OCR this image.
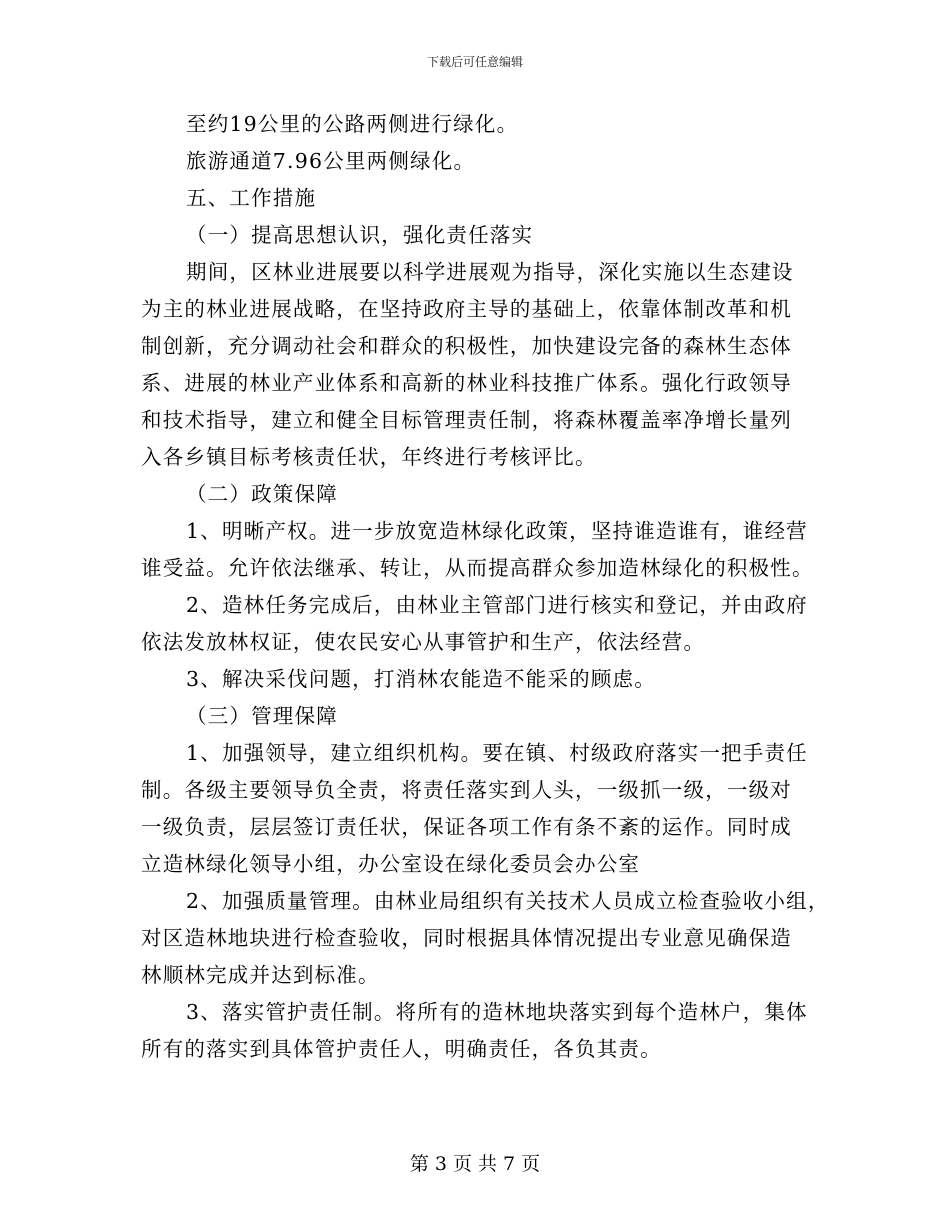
下载后可任意编辑

至约19公里的公路两侧进行绿化。

旅游通道7.96公里两侧绿化。

五、工作措施

（一）提高思想认识，强化责任落实

期间，区林业进展要以科学进展观为指导，深化实施以生态建设
为主的林业进展战略，在坚持政府主导的基础上，依靠体制改革和机
制创新，充分调动社会和群众的积极性，加快建设完备的森林生态体
系、进展的林业产业体系和高新的林业科技推广体系。强化行政领导
和技术指导，建立和健全目标管理责任制，将森林覆盖率净增长量列
入各乡镇目标考核责任状，年终进行考核评比。

（二）政策保障

1、明晰产权。进一步放宽造林绿化政策，坚持谁造谁有，谁经营
谁受益。允许依法继承、转让，从而提高群众参加造林绿化的积极性。

2、造林任务完成后，由林业主管部门进行核实和登记，并由政府
依法发放林权证，使农民安心从事管护和生产，依法经营。

3、解决采伐问题，打消林农能造不能采的顾虑。

（三）管理保障

1、加强领导，建立组织机构。要在镇、村级政府落实一把手责任
制。各级主要领导负全责，将责任落实到人头，一级抓一级，一级对
一级负责，层层签订责任状，保证各项工作有条不紊的运作。同时成
立造林绿化领导小组，办公室设在绿化委员会办公室

2、加强质量管理。由林业局组织有关技术人员成立检查验收小组，
对区造林地块进行检查验收，同时根据具体情况提出专业意见确保造
林顺林完成并达到标准。

3、落实管护责任制。将所有的造林地块落实到每个造林户，集体
所有的落实到具体管护责任人，明确责任，各负其责。

第 3 页 共 7 页
